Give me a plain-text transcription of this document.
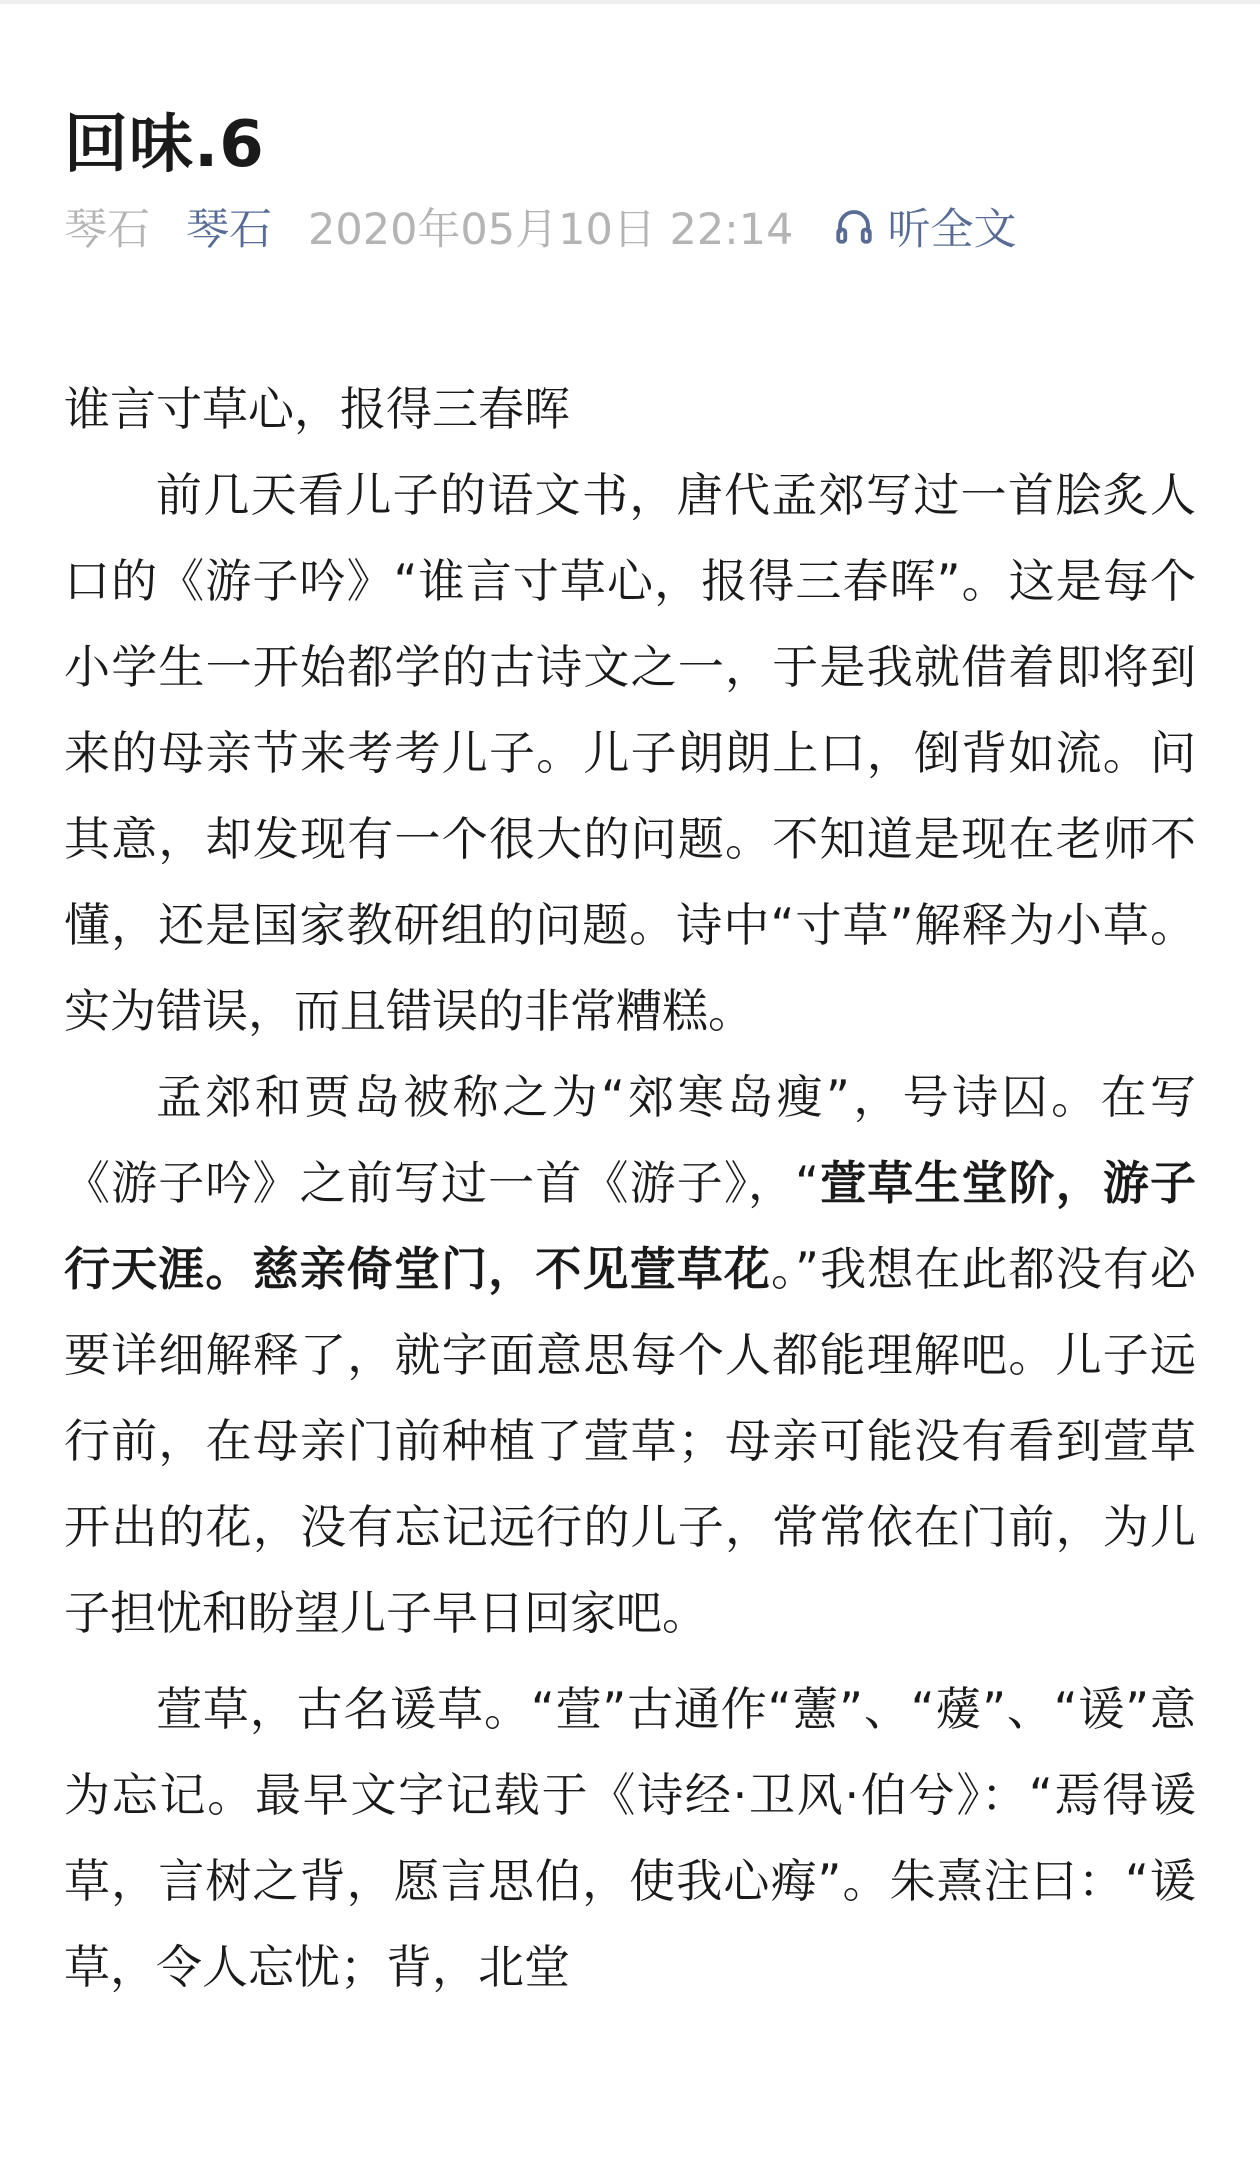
回味.6
琴石 琴石 2020年05月10日 22:14 听全文

谁言寸草心，报得三春晖

前几天看儿子的语文书，唐代孟郊写过一首脍炙人口的《游子吟》“谁言寸草心，报得三春晖”。这是每个小学生一开始都学的古诗文之一，于是我就借着即将到来的母亲节来考考儿子。儿子朗朗上口，倒背如流。问其意，却发现有一个很大的问题。不知道是现在老师不懂，还是国家教研组的问题。诗中“寸草”解释为小草。实为错误，而且错误的非常糟糕。

孟郊和贾岛被称之为“郊寒岛瘦”，号诗囚。在写《游子吟》之前写过一首《游子》，“萱草生堂阶，游子行天涯。慈亲倚堂门，不见萱草花。”我想在此都没有必要详细解释了，就字面意思每个人都能理解吧。儿子远行前，在母亲门前种植了萱草；母亲可能没有看到萱草开出的花，没有忘记远行的儿子，常常依在门前，为儿子担忧和盼望儿子早日回家吧。

萱草，古名谖草。“萱”古通作“藼”、“蕿”、“谖”意为忘记。最早文字记载于《诗经·卫风·伯兮》：“焉得谖草，言树之背，愿言思伯，使我心痗”。朱熹注曰：“谖草，令人忘忧；背，北堂
